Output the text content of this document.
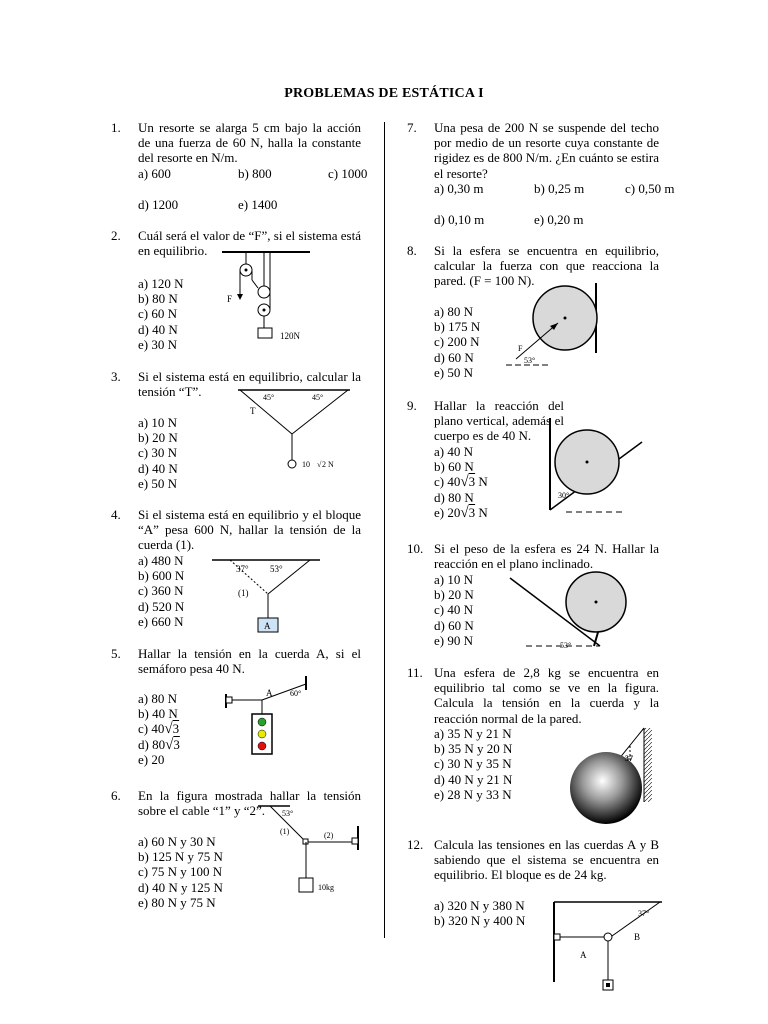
PROBLEMAS DE ESTÁTICA I
1. Un resorte se alarga 5 cm bajo la acción de una fuerza de 60 N, halla la constante del resorte en N/m.
a) 600	b) 800	c) 1000
d) 1200	e) 1400
2. Cuál será el valor de “F”, si el sistema está en equilibrio.
a) 120 N
b) 80 N
c) 60 N
d) 40 N
e) 30 N
F
120N
3. Si el sistema está en equilibrio, calcular la tensión “T”.
a) 10 N
b) 20 N
c) 30 N
d) 40 N
e) 50 N
45°	45°
T
10 √ 2 N
4. Si el sistema está en equilibrio y el bloque “A” pesa 600 N, hallar la tensión de la cuerda (1).
a) 480 N
b) 600 N
c) 360 N
d) 520 N
e) 660 N	A
37° 53°
(1)
5. Hallar la tensión en la cuerda A, si el semáforo pesa 40 N.
a) 80 N
b) 40 N
c) 40√3
d) 80√3
e) 20
A 60°
6. En la figura mostrada hallar la tensión sobre el cable “1” y “2”.
a) 60 N y 30 N
b) 125 N y 75 N
c) 75 N y 100 N
d) 40 N y 125 N
e) 80 N y 75 N
53°
(1)	(2)
10kg
7. Una pesa de 200 N se suspende del techo por medio de un resorte cuya constante de rigidez es de 800 N/m. ¿En cuánto se estira el resorte?
a) 0,30 m	b) 0,25 m	c) 0,50 m
d) 0,10 m	e) 0,20 m
8. Si la esfera se encuentra en equilibrio, calcular la fuerza con que reacciona la pared. (F = 100 N).
a) 80 N
b) 175 N
c) 200 N
d) 60 N
e) 50 N
F
53°
9. Hallar la reacción del plano vertical, además el cuerpo es de 40 N.
a) 40 N
b) 60 N
c) 40√3 N
d) 80 N
e) 20√3 N
30°
10. Si el peso de la esfera es 24 N. Hallar la reacción en el plano inclinado.
a) 10 N
b) 20 N
c) 40 N
d) 60 N
e) 90 N	53°
11. Una esfera de 2,8 kg se encuentra en equilibrio tal como se ve en la figura. Calcula la tensión en la cuerda y la reacción normal de la pared.
a) 35 N y 21 N
b) 35 N y 20 N
c) 30 N y 35 N
d) 40 N y 21 N
e) 28 N y 33 N
37
12. Calcula las tensiones en las cuerdas A y B sabiendo que el sistema se encuentra en equilibrio. El bloque es de 24 kg.
a) 320 N y 380 N
b) 320 N y 400 N	37°
A
B
